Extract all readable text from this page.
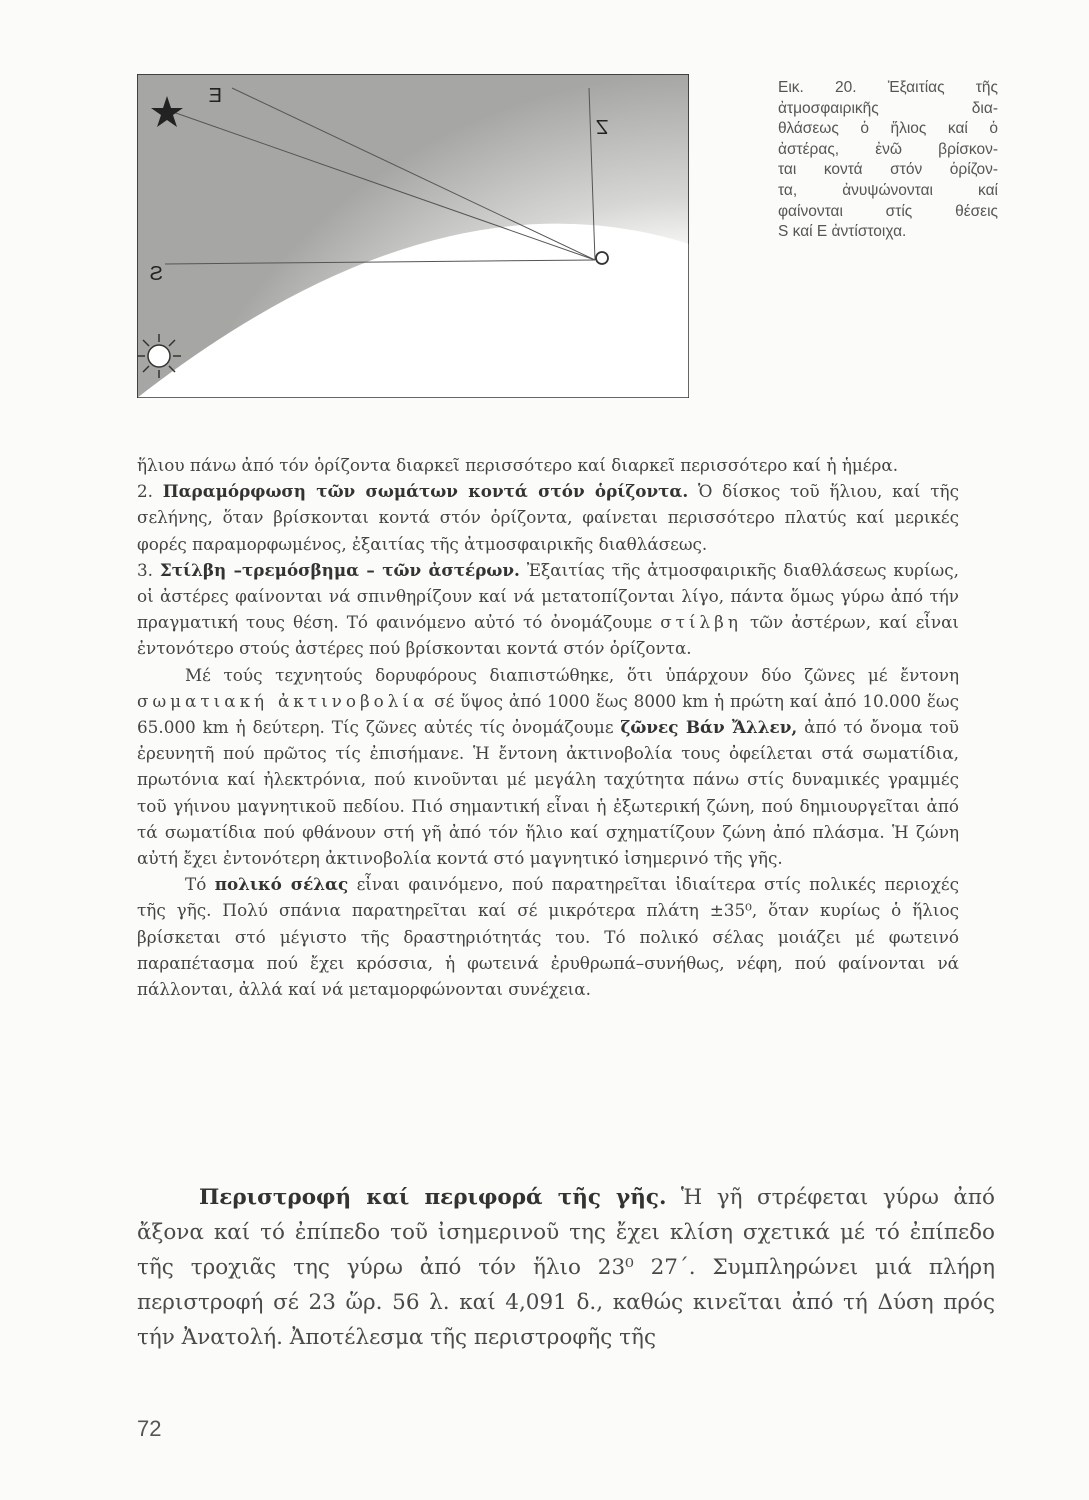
E
Z
S
Εικ. 20. Ἐξαιτίας τῆς
ἀτμοσφαιρικῆς δια-
θλάσεως ὁ ἥλιος καί ὁ
ἀστέρας, ἐνῶ βρίσκον-
ται κοντά στόν ὁρίζον-
τα, ἀνυψώνονται καί
φαίνονται στίς θέσεις
S καί E ἀντίστοιχα.

ἥλιου πάνω ἀπό τόν ὁρίζοντα διαρκεῖ περισσότερο καί διαρκεῖ περισσότερο καί ἡ ἡμέρα.

2. Παραμόρφωση τῶν σωμάτων κοντά στόν ὁρίζοντα. Ὁ δίσκος τοῦ ἥλιου, καί τῆς σελήνης, ὅταν βρίσκονται κοντά στόν ὁρίζοντα, φαίνεται περισσότερο πλατύς καί μερικές φορές παραμορφωμένος, ἐξαιτίας τῆς ἀτμοσφαιρικῆς διαθλάσεως.

3. Στίλβη –τρεμόσβημα – τῶν ἀστέρων. Ἐξαιτίας τῆς ἀτμοσφαιρικῆς διαθλάσεως κυρίως, οἱ ἀστέρες φαίνονται νά σπινθηρίζουν καί νά μετατοπίζονται λίγο, πάντα ὅμως γύρω ἀπό τήν πραγματική τους θέση. Τό φαινόμενο αὐτό τό ὀνομάζουμε στίλβη τῶν ἀστέρων, καί εἶναι ἐντονότερο στούς ἀστέρες πού βρίσκονται κοντά στόν ὁρίζοντα.

Μέ τούς τεχνητούς δορυφόρους διαπιστώθηκε, ὅτι ὑπάρχουν δύο ζῶνες μέ ἔντονη σωματιακή ἀκτινοβολία σέ ὕψος ἀπό 1000 ἕως 8000 km ἡ πρώτη καί ἀπό 10.000 ἕως 65.000 km ἡ δεύτερη. Τίς ζῶνες αὐτές τίς ὀνομάζουμε ζῶνες Βάν Ἄλλεν, ἀπό τό ὄνομα τοῦ ἐρευνητῆ πού πρῶτος τίς ἐπισήμανε. Ἡ ἔντονη ἀκτινοβολία τους ὀφείλεται στά σωματίδια, πρωτόνια καί ἠλεκτρόνια, πού κινοῦνται μέ μεγάλη ταχύτητα πάνω στίς δυναμικές γραμμές τοῦ γήινου μαγνητικοῦ πεδίου. Πιό σημαντική εἶναι ἡ ἐξωτερική ζώνη, πού δημιουργεῖται ἀπό τά σωματίδια πού φθάνουν στή γῆ ἀπό τόν ἥλιο καί σχηματίζουν ζώνη ἀπό πλάσμα. Ἡ ζώνη αὐτή ἔχει ἐντονότερη ἀκτινοβολία κοντά στό μαγνητικό ἰσημερινό τῆς γῆς.

Τό πολικό σέλας εἶναι φαινόμενο, πού παρατηρεῖται ἰδιαίτερα στίς πολικές περιοχές τῆς γῆς. Πολύ σπάνια παρατηρεῖται καί σέ μικρότερα πλάτη ±35⁰, ὅταν κυρίως ὁ ἥλιος βρίσκεται στό μέγιστο τῆς δραστηριότητάς του. Τό πολικό σέλας μοιάζει μέ φωτεινό παραπέτασμα πού ἔχει κρόσσια, ἡ φωτεινά ἐρυθρωπά–συνήθως, νέφη, πού φαίνονται νά πάλλονται, ἀλλά καί νά μεταμορφώνονται συνέχεια.

Περιστροφή καί περιφορά τῆς γῆς. Ἡ γῆ στρέφεται γύρω ἀπό ἄξονα καί τό ἐπίπεδο τοῦ ἰσημερινοῦ της ἔχει κλίση σχετικά μέ τό ἐπίπεδο τῆς τροχιᾶς της γύρω ἀπό τόν ἥλιο 23⁰ 27΄. Συμπληρώνει μιά πλήρη περιστροφή σέ 23 ὥρ. 56 λ. καί 4,091 δ., καθώς κινεῖται ἀπό τή Δύση πρός τήν Ἀνατολή. Ἀποτέλεσμα τῆς περιστροφῆς τῆς

72
